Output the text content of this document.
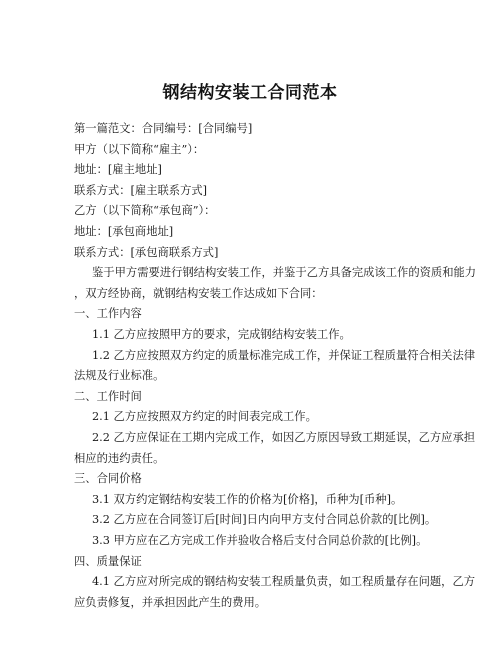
钢结构安装工合同范本
第一篇范文：合同编号：[合同编号]
甲方（以下简称“雇主”）：
地址：[雇主地址]
联系方式：[雇主联系方式]
乙方（以下简称“承包商”）：
地址：[承包商地址]
联系方式：[承包商联系方式]
鉴于甲方需要进行钢结构安装工作，并鉴于乙方具备完成该工作的资质和能力
，双方经协商，就钢结构安装工作达成如下合同：
一、工作内容
1.1 乙方应按照甲方的要求，完成钢结构安装工作。
1.2 乙方应按照双方约定的质量标准完成工作，并保证工程质量符合相关法律
法规及行业标准。
二、工作时间
2.1 乙方应按照双方约定的时间表完成工作。
2.2 乙方应保证在工期内完成工作，如因乙方原因导致工期延误，乙方应承担
相应的违约责任。
三、合同价格
3.1 双方约定钢结构安装工作的价格为[价格]，币种为[币种]。
3.2 乙方应在合同签订后[时间]日内向甲方支付合同总价款的[比例]。
3.3 甲方应在乙方完成工作并验收合格后支付合同总价款的[比例]。
四、质量保证
4.1 乙方应对所完成的钢结构安装工程质量负责，如工程质量存在问题，乙方
应负责修复，并承担因此产生的费用。
